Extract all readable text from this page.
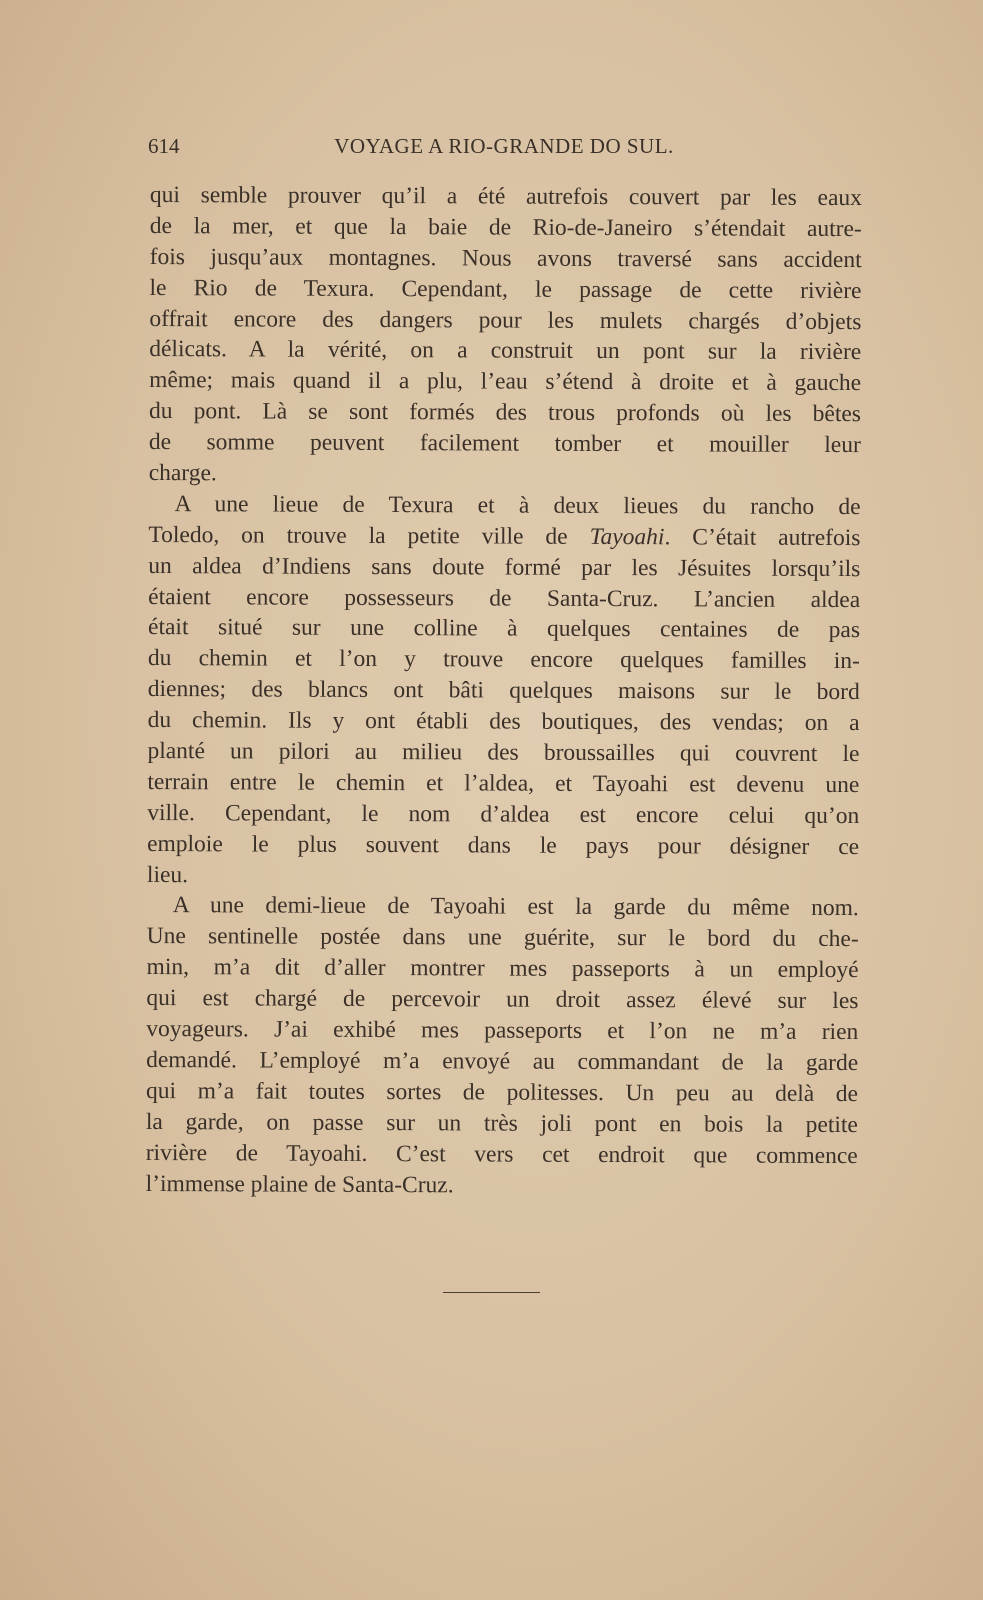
614	VOYAGE A RIO-GRANDE DO SUL.
qui semble prouver qu’il a été autrefois couvert par les eaux
de la mer, et que la baie de Rio-de-Janeiro s’étendait autre-
fois jusqu’aux montagnes. Nous avons traversé sans accident
le Rio de Texura. Cependant, le passage de cette rivière
offrait encore des dangers pour les mulets chargés d’objets
délicats. A la vérité, on a construit un pont sur la rivière
même; mais quand il a plu, l’eau s’étend à droite et à gauche
du pont. Là se sont formés des trous profonds où les bêtes
de somme peuvent facilement tomber et mouiller leur
charge.
A une lieue de Texura et à deux lieues du rancho de
Toledo, on trouve la petite ville de Tayoahi. C’était autrefois
un aldea d’Indiens sans doute formé par les Jésuites lorsqu’ils
étaient encore possesseurs de Santa-Cruz. L’ancien aldea
était situé sur une colline à quelques centaines de pas
du chemin et l’on y trouve encore quelques familles in-
diennes; des blancs ont bâti quelques maisons sur le bord
du chemin. Ils y ont établi des boutiques, des vendas; on a
planté un pilori au milieu des broussailles qui couvrent le
terrain entre le chemin et l’aldea, et Tayoahi est devenu une
ville. Cependant, le nom d’aldea est encore celui qu’on
emploie le plus souvent dans le pays pour désigner ce
lieu.
A une demi-lieue de Tayoahi est la garde du même nom.
Une sentinelle postée dans une guérite, sur le bord du che-
min, m’a dit d’aller montrer mes passeports à un employé
qui est chargé de percevoir un droit assez élevé sur les
voyageurs. J’ai exhibé mes passeports et l’on ne m’a rien
demandé. L’employé m’a envoyé au commandant de la garde
qui m’a fait toutes sortes de politesses. Un peu au delà de
la garde, on passe sur un très joli pont en bois la petite
rivière de Tayoahi. C’est vers cet endroit que commence
l’immense plaine de Santa-Cruz.
